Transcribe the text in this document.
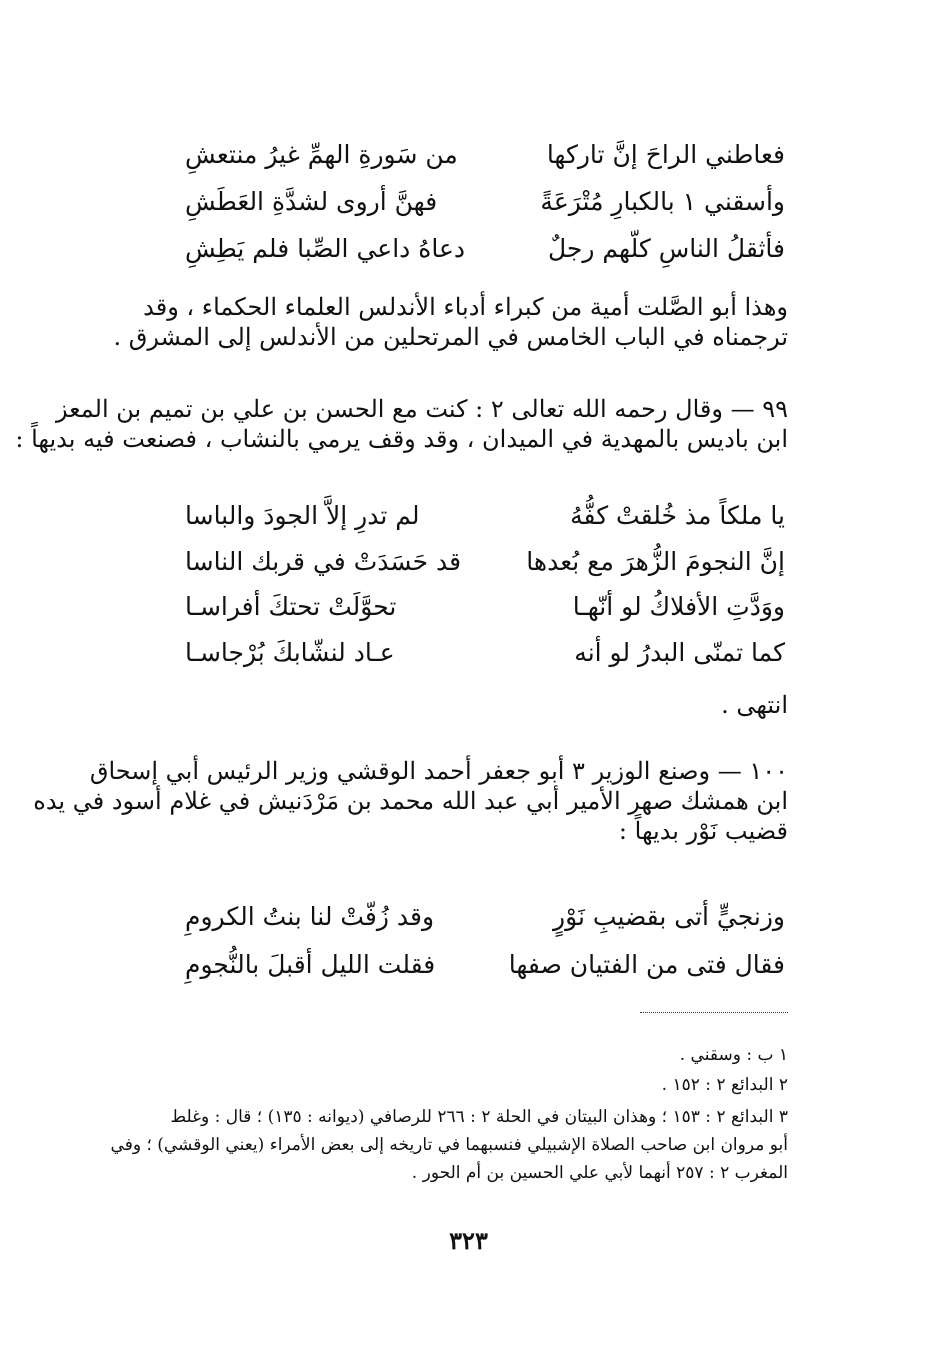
فعاطني الراحَ إنَّ تاركها
من سَورةِ الهمِّ غيرُ منتعشِ
وأسقني ١ بالكبارِ مُتْرَعَةً
فهنَّ أروى لشدَّةِ العَطَشِ
فأثقلُ الناسِ كلّهم رجلٌ
دعاهُ داعي الصِّبا فلم يَطِشِ
وهذا أبو الصَّلت أمية من كبراء أدباء الأندلس العلماء الحكماء ، وقد
ترجمناه في الباب الخامس في المرتحلين من الأندلس إلى المشرق .
٩٩ — وقال رحمه الله تعالى ٢ : كنت مع الحسن بن علي بن تميم بن المعز
ابن باديس بالمهدية في الميدان ، وقد وقف يرمي بالنشاب ، فصنعت فيه بديهاً :
يا ملكاً مذ خُلقتْ كفُّهُ
لم تدرِ إلاَّ الجودَ والباسا
إنَّ النجومَ الزُّهرَ مع بُعدها
قد حَسَدَتْ في قربك الناسا
ووَدَّتِ الأفلاكُ لو أنّهـا
تحوَّلَتْ تحتكَ أفراسـا
كما تمنّى البدرُ لو أنه
عـاد لنشّابكَ بُرْجاسـا
انتهى .
١٠٠ — وصنع الوزير ٣ أبو جعفر أحمد الوقشي وزير الرئيس أبي إسحاق
ابن همشك صهر الأمير أبي عبد الله محمد بن مَرْدَنيش في غلام أسود في يده
قضيب نَوْر بديهاً :
وزنجيٍّ أتى بقضيبِ نَوْرٍ
وقد زُفّتْ لنا بنتُ الكرومِ
فقال فتى من الفتيان صفها
فقلت الليل أقبلَ بالنُّجومِ
١ ب : وسقني .
٢ البدائع ٢ : ١٥٢ .
٣ البدائع ٢ : ١٥٣ ؛ وهذان البيتان في الحلة ٢ : ٢٦٦ للرصافي (ديوانه : ١٣٥) ؛ قال : وغلط
أبو مروان ابن صاحب الصلاة الإشبيلي فنسبهما في تاريخه إلى بعض الأمراء (يعني الوقشي) ؛ وفي
المغرب ٢ : ٢٥٧ أنهما لأبي علي الحسين بن أم الحور .
٣٢٣
